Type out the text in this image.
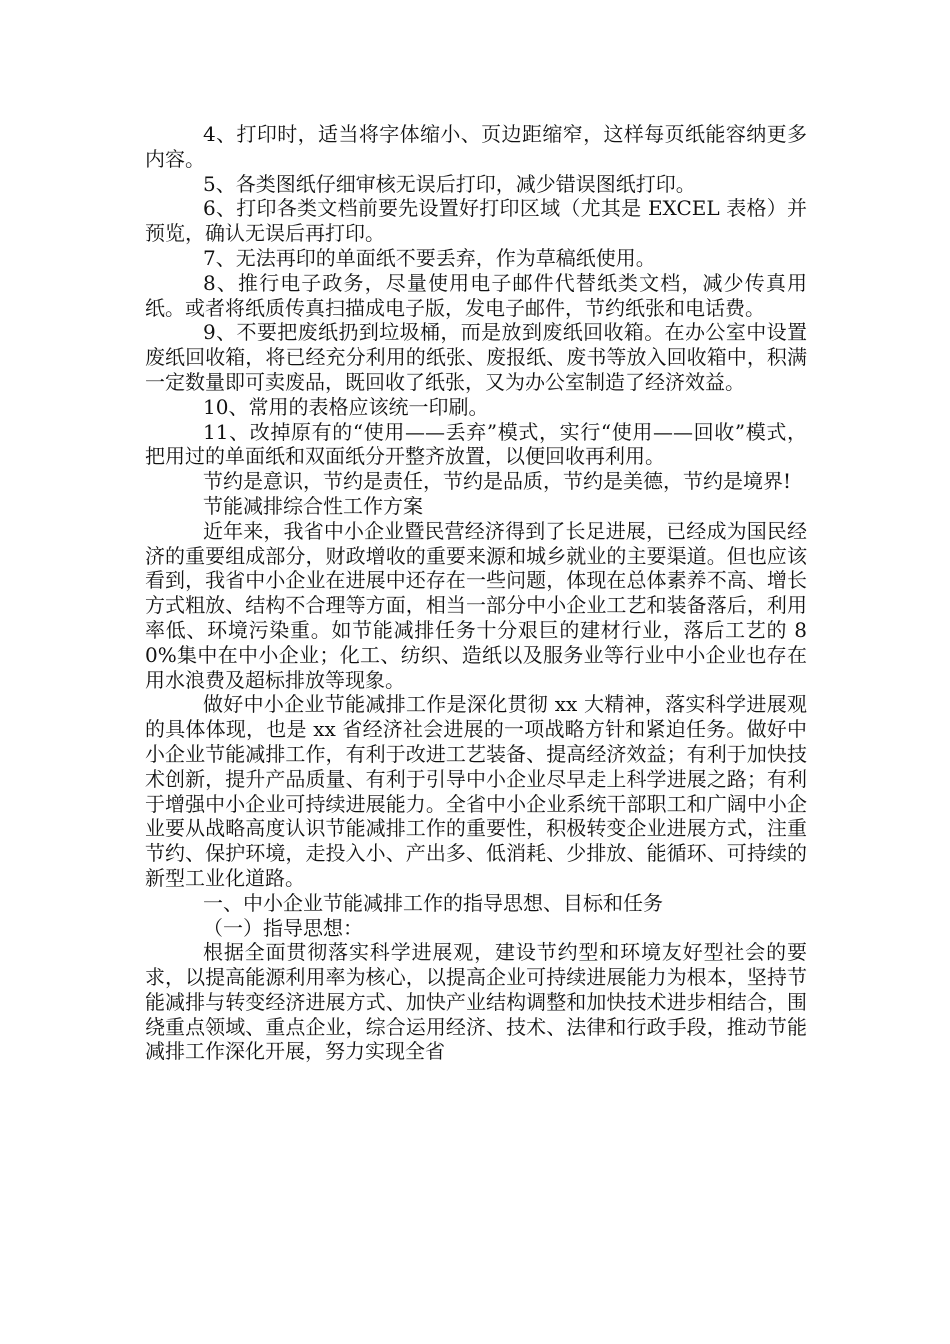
4、打印时，适当将字体缩小、页边距缩窄，这样每页纸能容纳更多内容。

5、各类图纸仔细审核无误后打印，减少错误图纸打印。

6、打印各类文档前要先设置好打印区域（尤其是 EXCEL 表格）并预览，确认无误后再打印。

7、无法再印的单面纸不要丢弃，作为草稿纸使用。

8、推行电子政务，尽量使用电子邮件代替纸类文档，减少传真用纸。或者将纸质传真扫描成电子版，发电子邮件，节约纸张和电话费。

9、不要把废纸扔到垃圾桶，而是放到废纸回收箱。在办公室中设置废纸回收箱，将已经充分利用的纸张、废报纸、废书等放入回收箱中，积满一定数量即可卖废品，既回收了纸张，又为办公室制造了经济效益。

10、常用的表格应该统一印刷。

11、改掉原有的“使用——丢弃”模式，实行“使用——回收”模式，把用过的单面纸和双面纸分开整齐放置，以便回收再利用。

节约是意识，节约是责任，节约是品质，节约是美德，节约是境界!

节能减排综合性工作方案

近年来，我省中小企业暨民营经济得到了长足进展，已经成为国民经济的重要组成部分，财政增收的重要来源和城乡就业的主要渠道。但也应该看到，我省中小企业在进展中还存在一些问题，体现在总体素养不高、增长方式粗放、结构不合理等方面，相当一部分中小企业工艺和装备落后，利用率低、环境污染重。如节能减排任务十分艰巨的建材行业，落后工艺的 80%集中在中小企业；化工、纺织、造纸以及服务业等行业中小企业也存在用水浪费及超标排放等现象。

做好中小企业节能减排工作是深化贯彻 xx 大精神，落实科学进展观的具体体现，也是 xx 省经济社会进展的一项战略方针和紧迫任务。做好中小企业节能减排工作，有利于改进工艺装备、提高经济效益；有利于加快技术创新，提升产品质量、有利于引导中小企业尽早走上科学进展之路；有利于增强中小企业可持续进展能力。全省中小企业系统干部职工和广阔中小企业要从战略高度认识节能减排工作的重要性，积极转变企业进展方式，注重节约、保护环境，走投入小、产出多、低消耗、少排放、能循环、可持续的新型工业化道路。

一、中小企业节能减排工作的指导思想、目标和任务

（一）指导思想：

根据全面贯彻落实科学进展观，建设节约型和环境友好型社会的要求，以提高能源利用率为核心，以提高企业可持续进展能力为根本，坚持节能减排与转变经济进展方式、加快产业结构调整和加快技术进步相结合，围绕重点领域、重点企业，综合运用经济、技术、法律和行政手段，推动节能减排工作深化开展，努力实现全省
